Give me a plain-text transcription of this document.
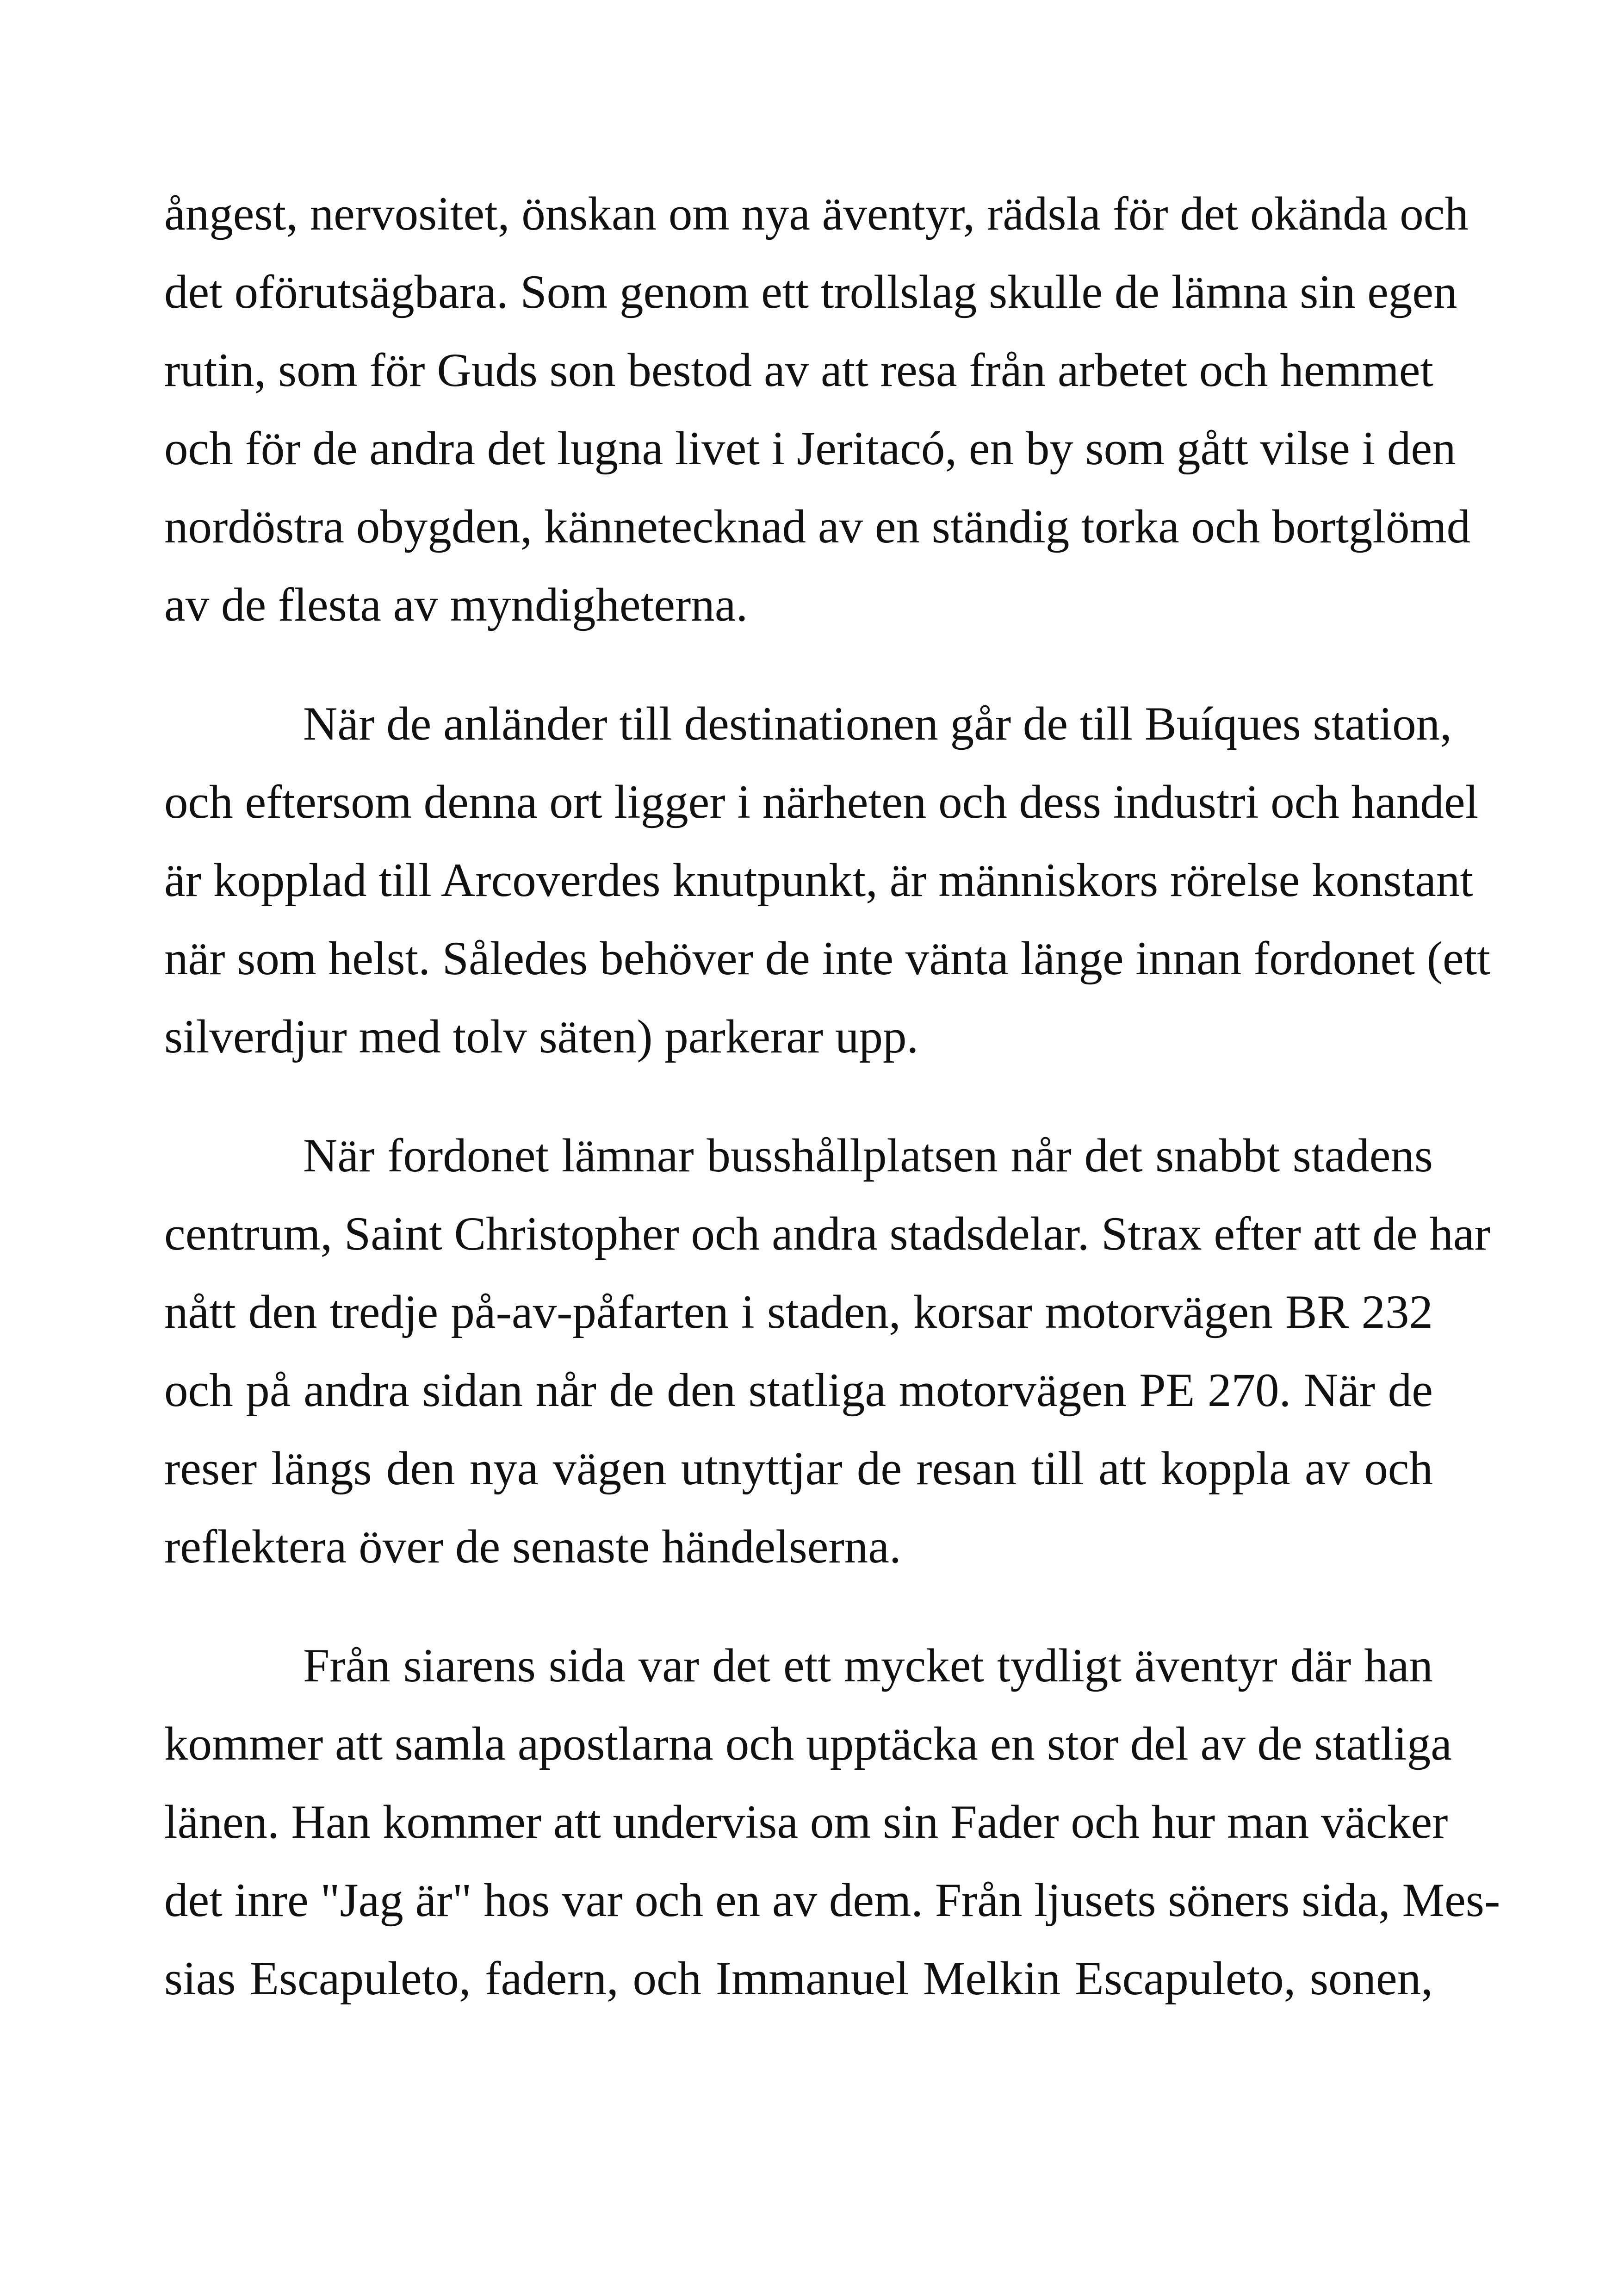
ångest, nervositet, önskan om nya äventyr, rädsla för det okända och
det oförutsägbara. Som genom ett trollslag skulle de lämna sin egen
rutin, som för Guds son bestod av att resa från arbetet och hemmet
och för de andra det lugna livet i Jeritacó, en by som gått vilse i den
nordöstra obygden, kännetecknad av en ständig torka och bortglömd
av de flesta av myndigheterna.
När de anländer till destinationen går de till Buíques station,
och eftersom denna ort ligger i närheten och dess industri och handel
är kopplad till Arcoverdes knutpunkt, är människors rörelse konstant
när som helst. Således behöver de inte vänta länge innan fordonet (ett
silverdjur med tolv säten) parkerar upp.
När fordonet lämnar busshållplatsen når det snabbt stadens
centrum, Saint Christopher och andra stadsdelar. Strax efter att de har
nått den tredje på-av-påfarten i staden, korsar motorvägen BR 232
och på andra sidan når de den statliga motorvägen PE 270. När de
reser längs den nya vägen utnyttjar de resan till att koppla av och
reflektera över de senaste händelserna.
Från siarens sida var det ett mycket tydligt äventyr där han
kommer att samla apostlarna och upptäcka en stor del av de statliga
länen. Han kommer att undervisa om sin Fader och hur man väcker
det inre "Jag är" hos var och en av dem. Från ljusets söners sida, Mes-
sias Escapuleto, fadern, och Immanuel Melkin Escapuleto, sonen,
